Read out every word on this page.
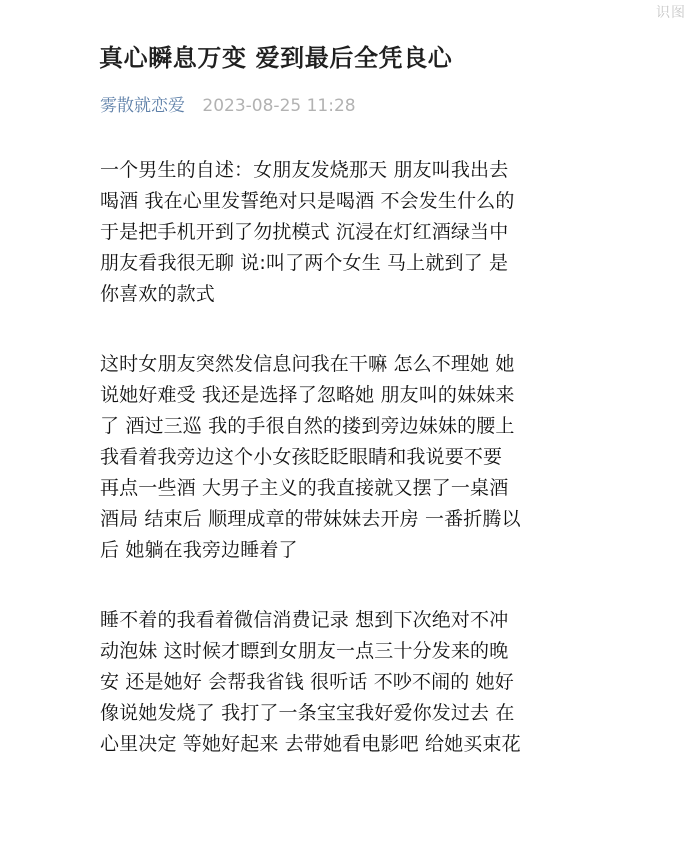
识图
真心瞬息万变 爱到最后全凭良心
雾散就恋爱 2023-08-25 11:28

一个男生的自述：女朋友发烧那天 朋友叫我出去
喝酒 我在心里发誓绝对只是喝酒 不会发生什么的
于是把手机开到了勿扰模式 沉浸在灯红酒绿当中
朋友看我很无聊 说:叫了两个女生 马上就到了 是
你喜欢的款式

这时女朋友突然发信息问我在干嘛 怎么不理她 她
说她好难受 我还是选择了忽略她 朋友叫的妹妹来
了 酒过三巡 我的手很自然的搂到旁边妹妹的腰上
我看着我旁边这个小女孩眨眨眼睛和我说要不要
再点一些酒 大男子主义的我直接就又摆了一桌酒
酒局 结束后 顺理成章的带妹妹去开房 一番折腾以
后 她躺在我旁边睡着了

睡不着的我看着微信消费记录 想到下次绝对不冲
动泡妹 这时候才瞟到女朋友一点三十分发来的晚
安 还是她好 会帮我省钱 很听话 不吵不闹的 她好
像说她发烧了 我打了一条宝宝我好爱你发过去 在
心里决定 等她好起来 去带她看电影吧 给她买束花
